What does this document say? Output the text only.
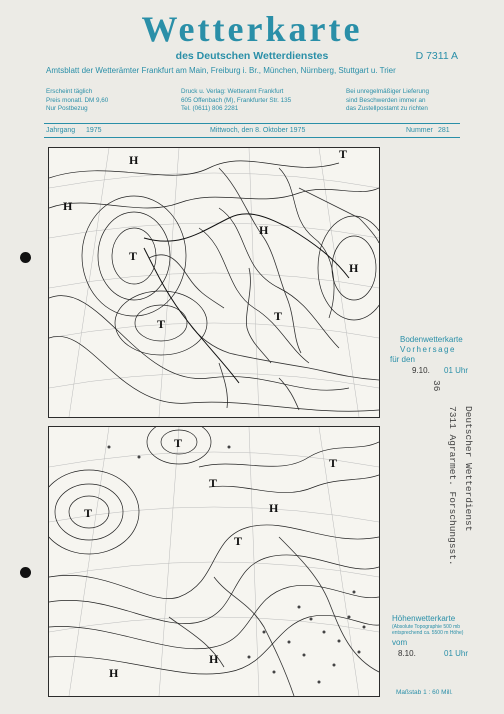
Wetterkarte
des Deutschen Wetterdienstes	D 7311 A
Amtsblatt der Wetterämter Frankfurt am Main, Freiburg i. Br., München, Nürnberg, Stuttgart u. Trier
Erscheint täglich
Preis monatl. DM 9,60
Nur Postbezug
Druck u. Verlag: Wetteramt Frankfurt
605 Offenbach (M), Frankfurter Str. 135
Tel. (0611) 806 2281
Bei unregelmäßiger Lieferung
sind Beschwerden immer an
das Zustellpostamt zu richten
Jahrgang 1975	Mittwoch, den 8. Oktober 1975	Nummer 281
H
H
T
H
T
T
H
T
T
T
T
T
H
T
H
H
Bodenwetterkarte
Vorhersage
für den
9.10. 01 Uhr
36
7311 Agrarmet. Forschungsst. Deutscher Wetterdienst
Höhenwetterkarte
(Absolute Topographie 500 mb
entsprechend ca. 5500 m Höhe)
vom
8.10.	01 Uhr
Maßstab 1 : 60 Mill.
